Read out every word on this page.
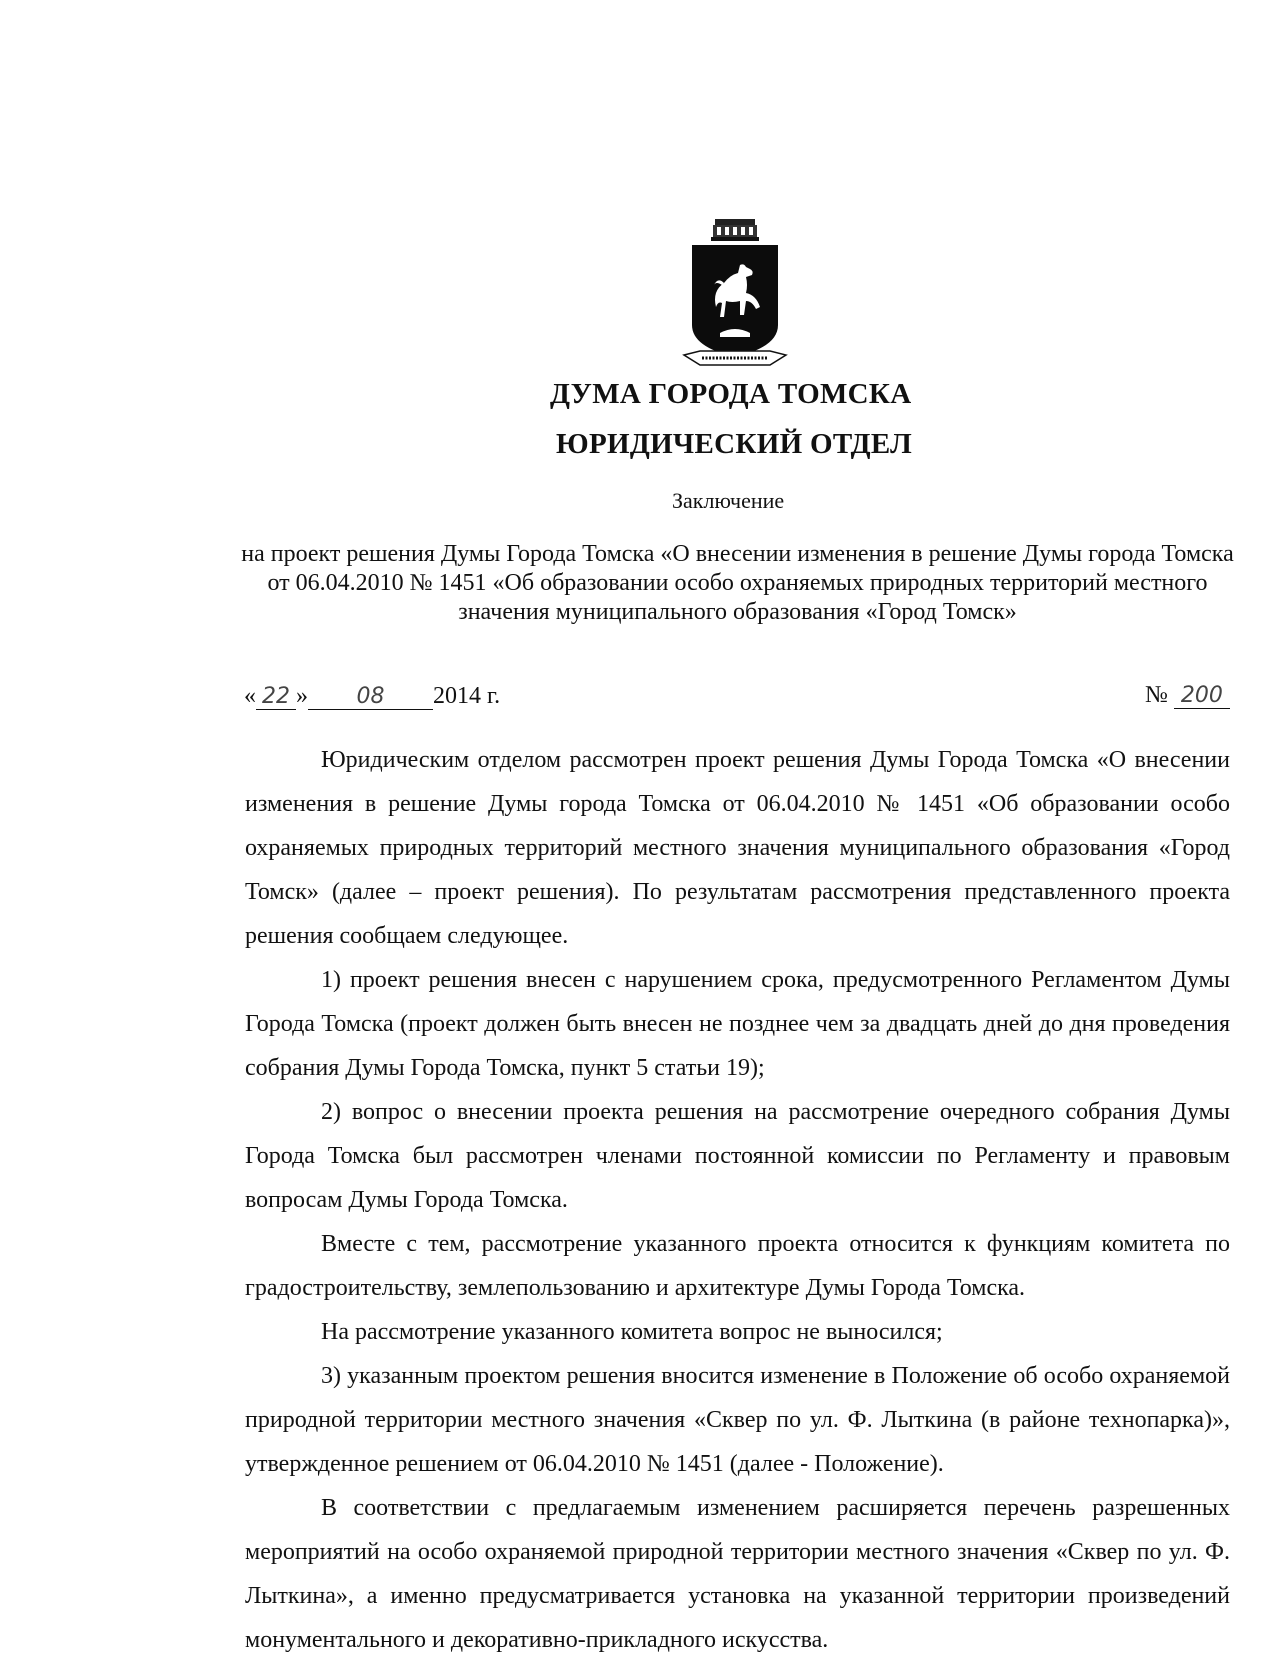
ДУМА ГОРОДА ТОМСКА
ЮРИДИЧЕСКИЙ ОТДЕЛ
Заключение
на проект решения Думы Города Томска «О внесении изменения в решение Думы города Томска от 06.04.2010 № 1451 «Об образовании особо охраняемых природных территорий местного значения муниципального образования «Город Томск»
« 22 »	08	2014 г.	№ 200

Юридическим отделом рассмотрен проект решения Думы Города Томска «О внесении изменения в решение Думы города Томска от 06.04.2010 № 1451 «Об образовании особо охраняемых природных территорий местного значения муниципального образования «Город Томск» (далее – проект решения). По результатам рассмотрения представленного проекта решения сообщаем следующее.

1) проект решения внесен с нарушением срока, предусмотренного Регламентом Думы Города Томска (проект должен быть внесен не позднее чем за двадцать дней до дня проведения собрания Думы Города Томска, пункт 5 статьи 19);

2) вопрос о внесении проекта решения на рассмотрение очередного собрания Думы Города Томска был рассмотрен членами постоянной комиссии по Регламенту и правовым вопросам Думы Города Томска.

Вместе с тем, рассмотрение указанного проекта относится к функциям комитета по градостроительству, землепользованию и архитектуре Думы Города Томска.

На рассмотрение указанного комитета вопрос не выносился;

3) указанным проектом решения вносится изменение в Положение об особо охраняемой природной территории местного значения «Сквер по ул. Ф. Лыткина (в районе технопарка)», утвержденное решением от 06.04.2010 № 1451 (далее - Положение).

В соответствии с предлагаемым изменением расширяется перечень разрешенных мероприятий на особо охраняемой природной территории местного значения «Сквер по ул. Ф. Лыткина», а именно предусматривается установка на указанной территории произведений монументального и декоративно-прикладного искусства.
